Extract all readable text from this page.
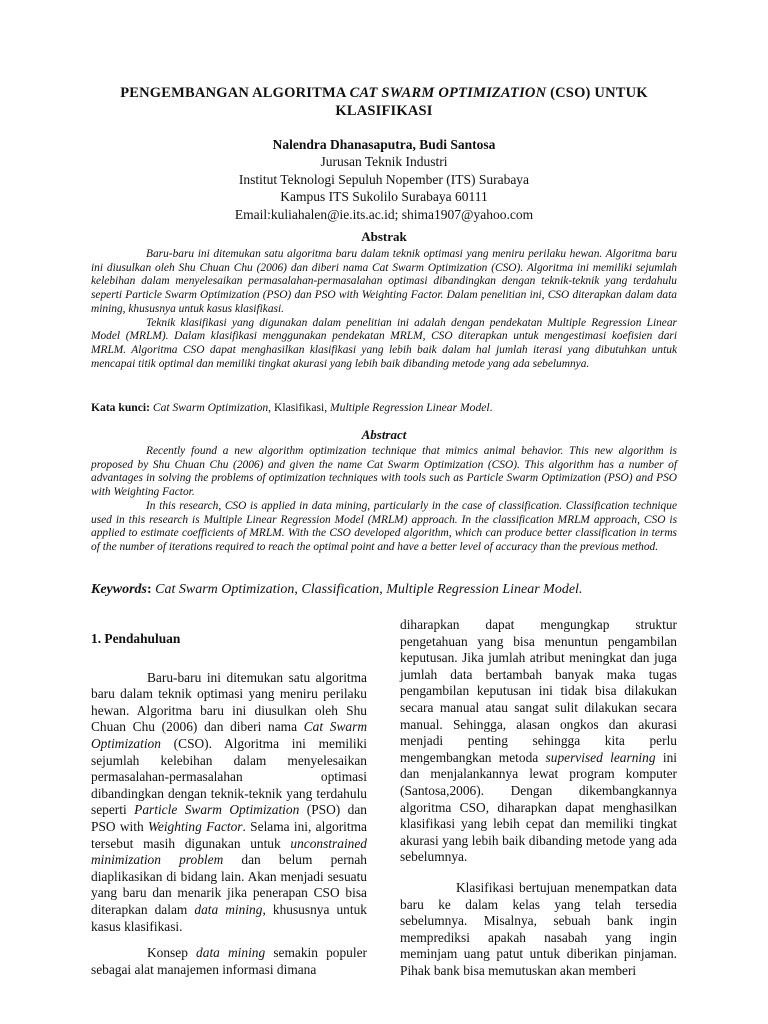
PENGEMBANGAN ALGORITMA CAT SWARM OPTIMIZATION (CSO) UNTUK
KLASIFIKASI
Nalendra Dhanasaputra, Budi Santosa
Jurusan Teknik Industri
Institut Teknologi Sepuluh Nopember (ITS) Surabaya
Kampus ITS Sukolilo Surabaya 60111
Email:kuliahalen@ie.its.ac.id; shima1907@yahoo.com
Abstrak

Baru-baru ini ditemukan satu algoritma baru dalam teknik optimasi yang meniru perilaku hewan. Algoritma baru ini diusulkan oleh Shu Chuan Chu (2006) dan diberi nama Cat Swarm Optimization (CSO). Algoritma ini memiliki sejumlah kelebihan dalam menyelesaikan permasalahan-permasalahan optimasi dibandingkan dengan teknik-teknik yang terdahulu seperti Particle Swarm Optimization (PSO) dan PSO with Weighting Factor. Dalam penelitian ini, CSO diterapkan dalam data mining, khususnya untuk kasus klasifikasi.

Teknik klasifikasi yang digunakan dalam penelitian ini adalah dengan pendekatan Multiple Regression Linear Model (MRLM). Dalam klasifikasi menggunakan pendekatan MRLM, CSO diterapkan untuk mengestimasi koefisien dari MRLM. Algoritma CSO dapat menghasilkan klasifikasi yang lebih baik dalam hal jumlah iterasi yang dibutuhkan untuk mencapai titik optimal dan memiliki tingkat akurasi yang lebih baik dibanding metode yang ada sebelumnya.

Kata kunci: Cat Swarm Optimization, Klasifikasi, Multiple Regression Linear Model.
Abstract

Recently found a new algorithm optimization technique that mimics animal behavior. This new algorithm is proposed by Shu Chuan Chu (2006) and given the name Cat Swarm Optimization (CSO). This algorithm has a number of advantages in solving the problems of optimization techniques with tools such as Particle Swarm Optimization (PSO) and PSO with Weighting Factor.

In this research, CSO is applied in data mining, particularly in the case of classification. Classification technique used in this research is Multiple Linear Regression Model (MRLM) approach. In the classification MRLM approach, CSO is applied to estimate coefficients of MRLM. With the CSO developed algorithm, which can produce better classification in terms of the number of iterations required to reach the optimal point and have a better level of accuracy than the previous method.

Keywords: Cat Swarm Optimization, Classification, Multiple Regression Linear Model.

1. Pendahuluan

Baru-baru ini ditemukan satu algoritma baru dalam teknik optimasi yang meniru perilaku hewan. Algoritma baru ini diusulkan oleh Shu Chuan Chu (2006) dan diberi nama Cat Swarm Optimization (CSO). Algoritma ini memiliki sejumlah kelebihan dalam menyelesaikan permasalahan-permasalahan optimasi dibandingkan dengan teknik-teknik yang terdahulu seperti Particle Swarm Optimization (PSO) dan PSO with Weighting Factor. Selama ini, algoritma tersebut masih digunakan untuk unconstrained minimization problem dan belum pernah diaplikasikan di bidang lain. Akan menjadi sesuatu yang baru dan menarik jika penerapan CSO bisa diterapkan dalam data mining, khususnya untuk kasus klasifikasi.

Konsep data mining semakin populer sebagai alat manajemen informasi dimana

diharapkan dapat mengungkap struktur pengetahuan yang bisa menuntun pengambilan keputusan. Jika jumlah atribut meningkat dan juga jumlah data bertambah banyak maka tugas pengambilan keputusan ini tidak bisa dilakukan secara manual atau sangat sulit dilakukan secara manual. Sehingga, alasan ongkos dan akurasi menjadi penting sehingga kita perlu mengembangkan metoda supervised learning ini dan menjalankannya lewat program komputer (Santosa,2006). Dengan dikembangkannya algoritma CSO, diharapkan dapat menghasilkan klasifikasi yang lebih cepat dan memiliki tingkat akurasi yang lebih baik dibanding metode yang ada sebelumnya.

Klasifikasi bertujuan menempatkan data baru ke dalam kelas yang telah tersedia sebelumnya. Misalnya, sebuah bank ingin memprediksi apakah nasabah yang ingin meminjam uang patut untuk diberikan pinjaman. Pihak bank bisa memutuskan akan memberi
